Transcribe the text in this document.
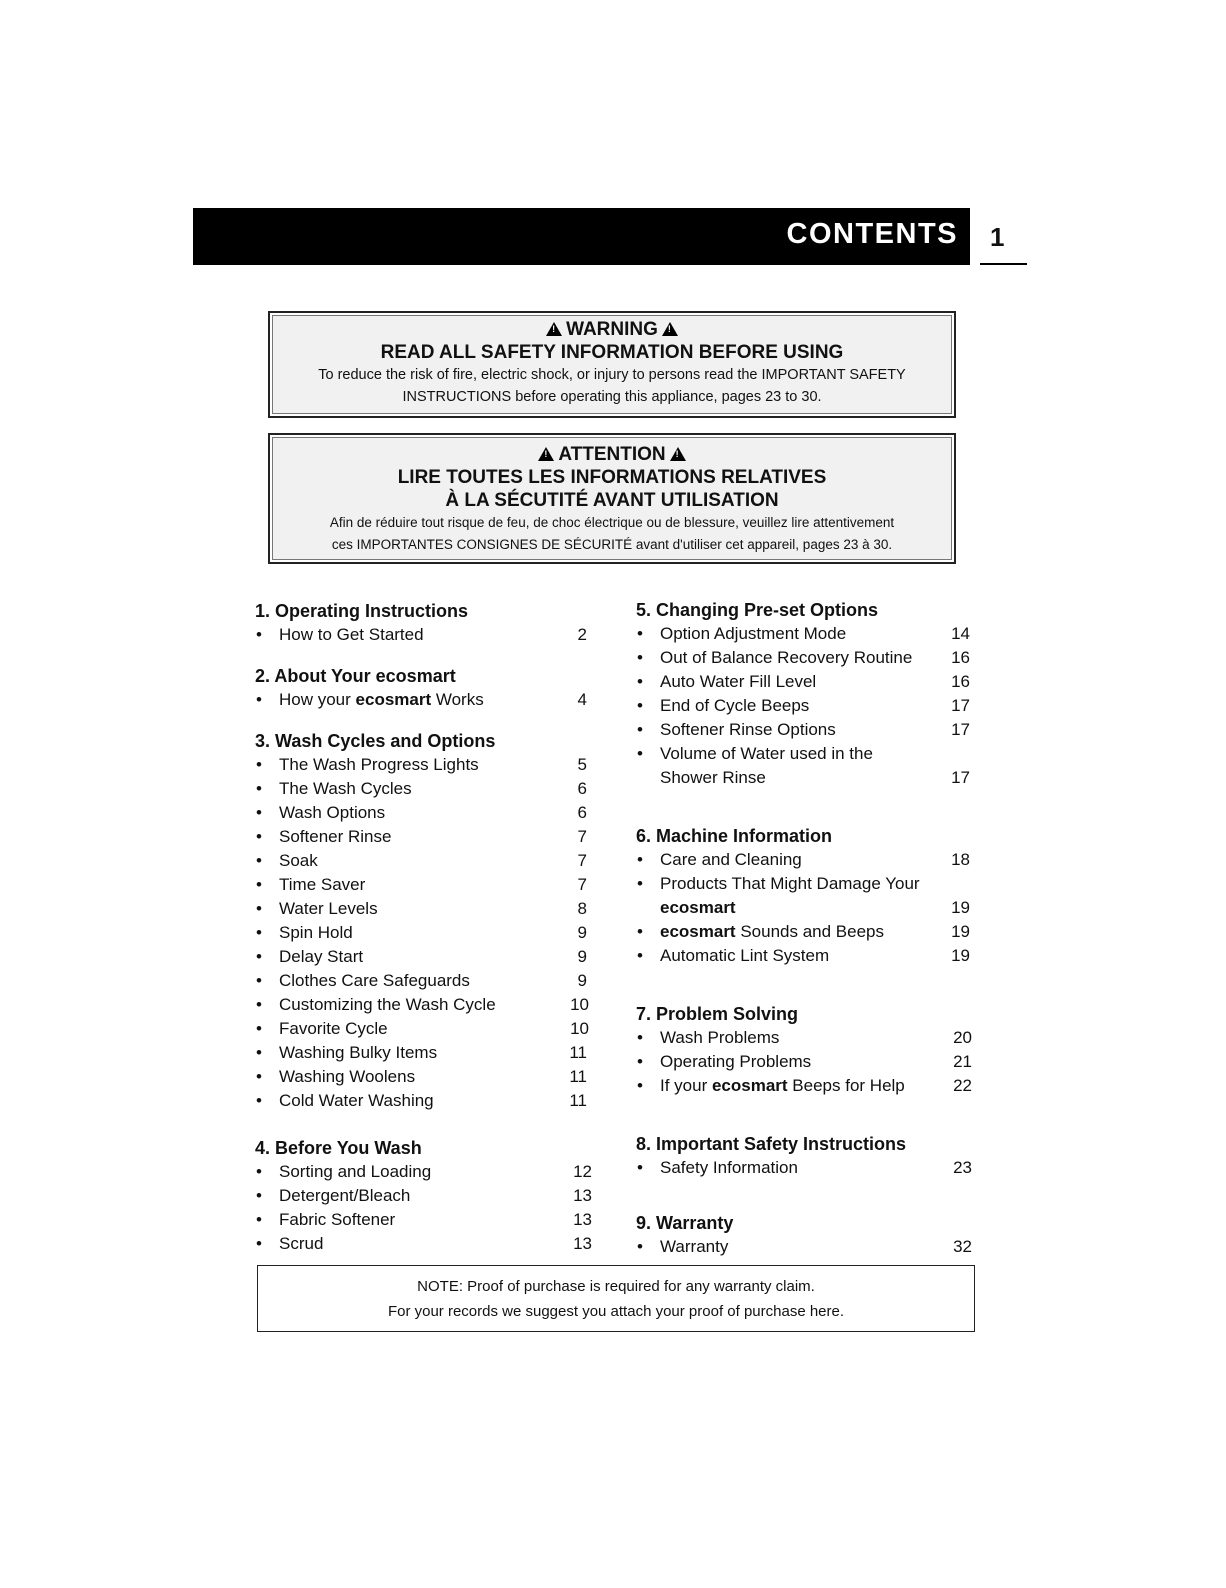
CONTENTS 1
!WARNING!
READ ALL SAFETY INFORMATION BEFORE USING
To reduce the risk of fire, electric shock, or injury to persons read the IMPORTANT SAFETY
INSTRUCTIONS before operating this appliance, pages 23 to 30.
!ATTENTION!
LIRE TOUTES LES INFORMATIONS RELATIVES
À LA SÉCUTITÉ AVANT UTILISATION
Afin de réduire tout risque de feu, de choc électrique ou de blessure, veuillez lire attentivement
ces IMPORTANTES CONSIGNES DE SÉCURITÉ avant d'utiliser cet appareil, pages 23 à 30.
1. Operating Instructions
• How to Get Started	2
2. About Your ecosmart
• How your ecosmart Works	4
3. Wash Cycles and Options
• The Wash Progress Lights	5
• The Wash Cycles	6
• Wash Options	6
• Softener Rinse	7
• Soak	7
• Time Saver	7
• Water Levels	8
• Spin Hold	9
• Delay Start	9
• Clothes Care Safeguards	9
• Customizing the Wash Cycle	10
• Favorite Cycle	10
• Washing Bulky Items	11
• Washing Woolens	11
• Cold Water Washing	11
4. Before You Wash
• Sorting and Loading	12
• Detergent/Bleach	13
• Fabric Softener	13
• Scrud	13
5. Changing Pre-set Options
• Option Adjustment Mode	14
• Out of Balance Recovery Routine 16
• Auto Water Fill Level	16
• End of Cycle Beeps	17
• Softener Rinse Options	17
• Volume of Water used in the
Shower Rinse	17
6. Machine Information
• Care and Cleaning	18
• Products That Might Damage Your
ecosmart	19
• ecosmart Sounds and Beeps	19
• Automatic Lint System	19
7. Problem Solving
• Wash Problems	20
• Operating Problems	21
• If your ecosmart Beeps for Help	22
8. Important Safety Instructions
• Safety Information	23
9. Warranty
• Warranty	32
NOTE: Proof of purchase is required for any warranty claim.
For your records we suggest you attach your proof of purchase here.
